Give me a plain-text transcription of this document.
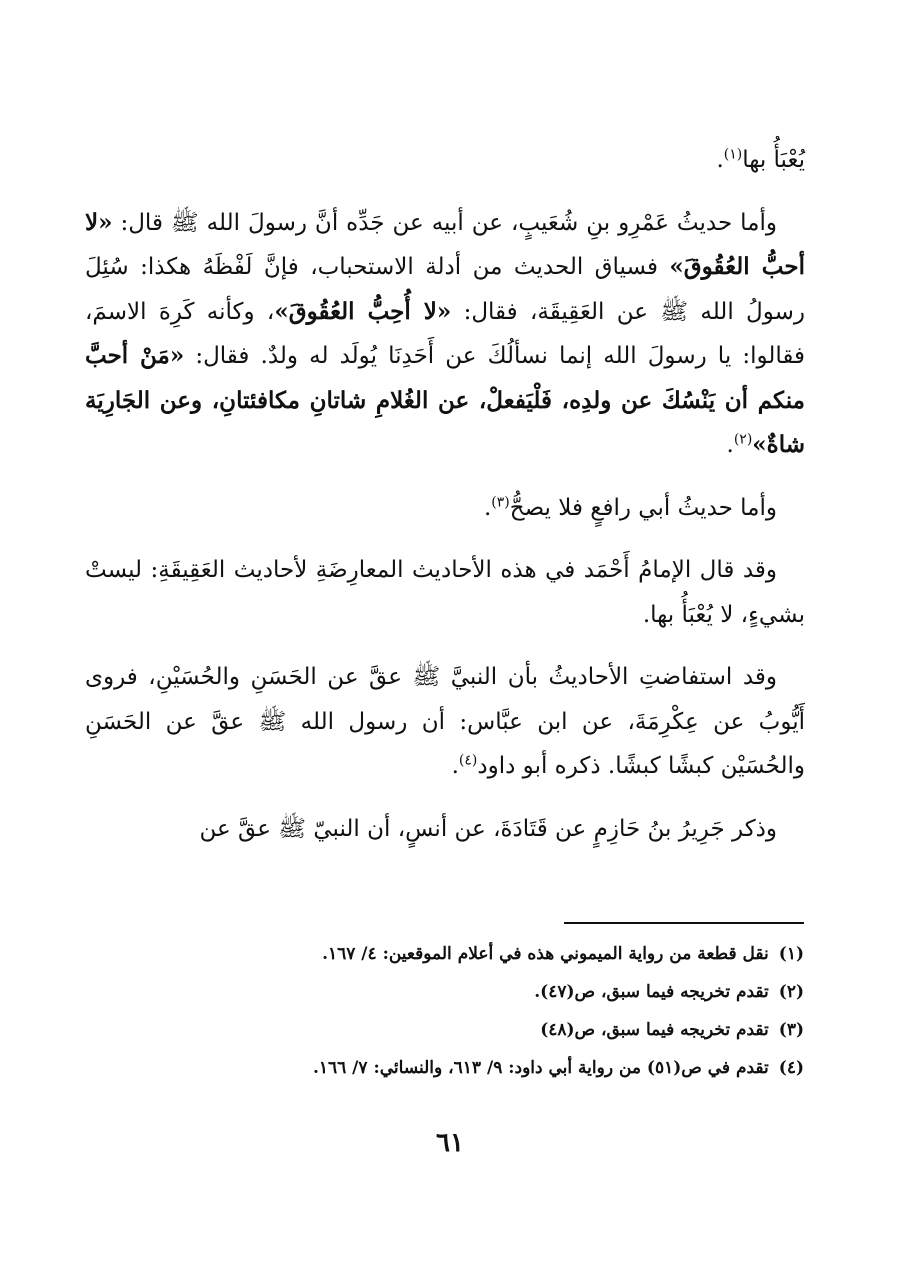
يُعْبَأُ بها$^{(١)}$.

وأما حديثُ عَمْرِو بنِ شُعَيبٍ، عن أبيه عن جَدِّه أنَّ رسولَ الله ﷺ قال: «لا أحبُّ العُقُوقَ» فسياق الحديث من أدلة الاستحباب، فإنَّ لَفْظَهُ هكذا: سُئِلَ رسولُ الله ﷺ عن العَقِيقَة، فقال: «لا أُحِبُّ العُقُوقَ»، وكأنه كَرِهَ الاسمَ، فقالوا: يا رسولَ الله إنما نسألُكَ عن أَحَدِنَا يُولَد له ولدٌ. فقال: «مَنْ أحبَّ منكم أن يَنْسُكَ عن ولدِه، فَلْيَفعلْ، عن الغُلامِ شاتانِ مكافئتانِ، وعن الجَارِيَة شاةٌ»$^{(٢)}$.

وأما حديثُ أبي رافعٍ فلا يصحُّ$^{(٣)}$.

وقد قال الإمامُ أَحْمَد في هذه الأحاديث المعارِضَةِ لأحاديث العَقِيقَةِ: ليستْ بشيءٍ، لا يُعْبَأُ بها.

وقد استفاضتِ الأحاديثُ بأن النبيَّ ﷺ عقَّ عن الحَسَنِ والحُسَيْنِ، فروى أَيُّوبُ عن عِكْرِمَةَ، عن ابن عبَّاس: أن رسول الله ﷺ عقَّ عن الحَسَنِ والحُسَيْن كبشًا كبشًا. ذكره أبو داود$^{(٤)}$.

وذكر جَرِيرُ بنُ حَازِمٍ عن قَتَادَةَ، عن أنسٍ، أن النبيّ ﷺ عقَّ عن

(١)نقل قطعة من رواية الميموني هذه في أعلام الموقعين: ٤/ ١٦٧.
(٢)تقدم تخريجه فيما سبق، ص(٤٧).
(٣)تقدم تخريجه فيما سبق، ص(٤٨)
(٤)تقدم في ص(٥١) من رواية أبي داود: ٩/ ٦١٣، والنسائي: ٧/ ١٦٦.
٦١
